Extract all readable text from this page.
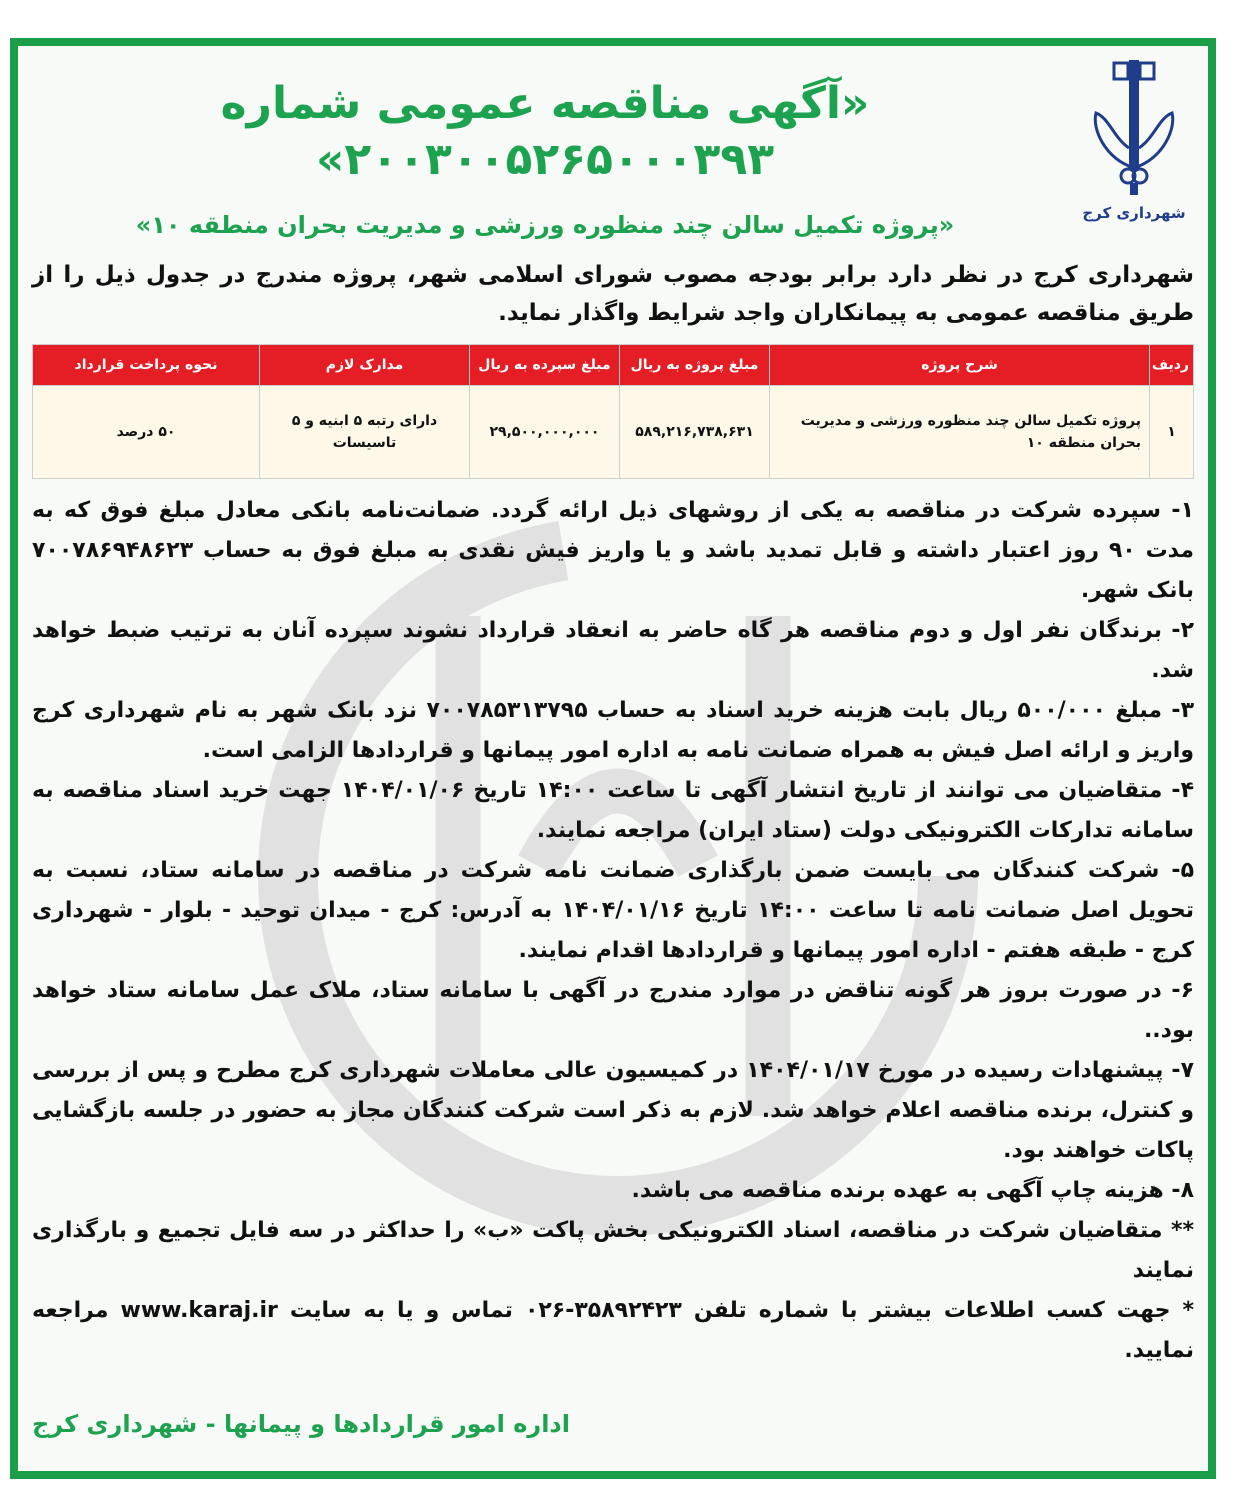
شهرداری کرج
«آگهی مناقصه عمومی شماره ۲۰۰۳۰۰۵۲۶۵۰۰۰۳۹۳»
«پروژه تکمیل سالن چند منظوره ورزشی و مدیریت بحران منطقه ۱۰»
شهرداری کرج در نظر دارد برابر بودجه مصوب شورای اسلامی شهر، پروژه مندرج در جدول ذیل را از طریق مناقصه عمومی به پیمانکاران واجد شرایط واگذار نماید.
ردیف	شرح پروژه	مبلغ پروژه به ریال	مبلغ سپرده به ریال	مدارک لازم	نحوه پرداخت قرارداد
۱	پروژه تکمیل سالن چند منظوره ورزشی و مدیریت بحران منطقه ۱۰	۵۸۹,۲۱۶,۷۳۸,۶۳۱	۲۹,۵۰۰,۰۰۰,۰۰۰	دارای رتبه ۵ ابنیه و ۵ تاسیسات	۵۰ درصد

۱- سپرده شرکت در مناقصه به یکی از روشهای ذیل ارائه گردد. ضمانت‌نامه بانکی معادل مبلغ فوق که به مدت ۹۰ روز اعتبار داشته و قابل تمدید باشد و یا واریز فیش نقدی به مبلغ فوق به حساب ۷۰۰۷۸۶۹۴۸۶۲۳ بانک شهر.

۲- برندگان نفر اول و دوم مناقصه هر گاه حاضر به انعقاد قرارداد نشوند سپرده آنان به ترتیب ضبط خواهد شد.

۳- مبلغ ۵۰۰/۰۰۰ ریال بابت هزینه خرید اسناد به حساب ۷۰۰۷۸۵۳۱۳۷۹۵ نزد بانک شهر به نام شهرداری کرج واریز و ارائه اصل فیش به همراه ضمانت نامه به اداره امور پیمانها و قراردادها الزامی است.

۴- متقاضیان می توانند از تاریخ انتشار آگهی تا ساعت ۱۴:۰۰ تاریخ ۱۴۰۴/۰۱/۰۶ جهت خرید اسناد مناقصه به سامانه تدارکات الکترونیکی دولت (ستاد ایران) مراجعه نمایند.

۵- شرکت کنندگان می بایست ضمن بارگذاری ضمانت نامه شرکت در مناقصه در سامانه ستاد، نسبت به تحویل اصل ضمانت نامه تا ساعت ۱۴:۰۰ تاریخ ۱۴۰۴/۰۱/۱۶ به آدرس: کرج - میدان توحید - بلوار - شهرداری کرج - طبقه هفتم - اداره امور پیمانها و قراردادها اقدام نمایند.

۶- در صورت بروز هر گونه تناقض در موارد مندرج در آگهی با سامانه ستاد، ملاک عمل سامانه ستاد خواهد بود..

۷- پیشنهادات رسیده در مورخ ۱۴۰۴/۰۱/۱۷ در کمیسیون عالی معاملات شهرداری کرج مطرح و پس از بررسی و کنترل، برنده مناقصه اعلام خواهد شد. لازم به ذکر است شرکت کنندگان مجاز به حضور در جلسه بازگشایی پاکات خواهند بود.

۸- هزینه چاپ آگهی به عهده برنده مناقصه می باشد.

** متقاضیان شرکت در مناقصه، اسناد الکترونیکی بخش پاکت «ب» را حداکثر در سه فایل تجمیع و بارگذاری نمایند

* جهت کسب اطلاعات بیشتر با شماره تلفن ۳۵۸۹۲۴۲۳-۰۲۶ تماس و یا به سایت www.karaj.ir مراجعه نمایید.

اداره امور قراردادها و پیمانها - شهرداری کرج
